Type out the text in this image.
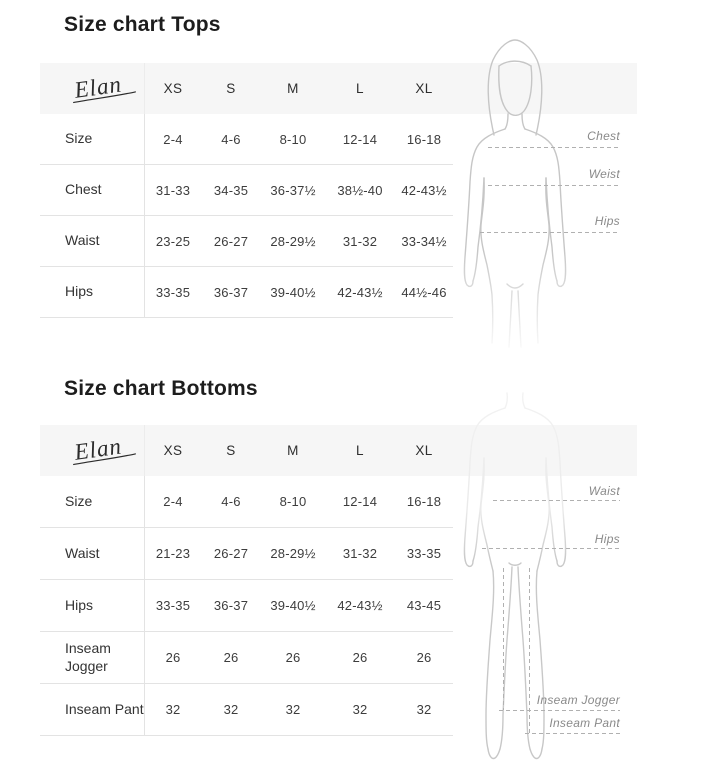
Size chart Tops
Elan	XS	S	M	L	XL
Size	2-4	4-6	8-10	12-14	16-18
Chest	31-33	34-35	36-37½	38½-40	42-43½
Waist	23-25	26-27	28-29½	31-32	33-34½
Hips	33-35	36-37	39-40½	42-43½	44½-46
Chest
Weist
Hips
Size chart Bottoms
Elan	XS	S	M	L	XL
Size	2-4	4-6	8-10	12-14	16-18
Waist	21-23	26-27	28-29½	31-32	33-35
Hips	33-35	36-37	39-40½	42-43½	43-45
Inseam Jogger	26	26	26	26	26
Inseam Pant	32	32	32	32	32
Waist
Hips
Inseam Jogger
Inseam Pant
